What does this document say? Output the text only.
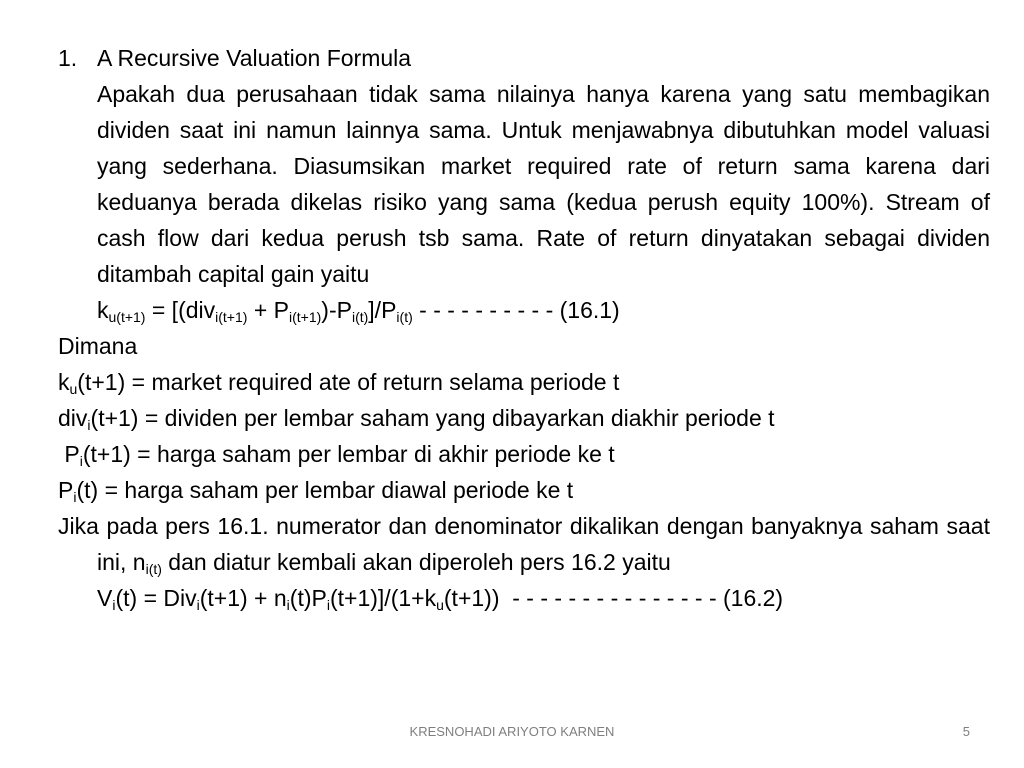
1. A Recursive Valuation Formula
Apakah dua perusahaan tidak sama nilainya hanya karena yang satu membagikan dividen saat ini namun lainnya sama. Untuk menjawabnya dibutuhkan model valuasi yang sederhana. Diasumsikan market required rate of return sama karena dari keduanya berada dikelas risiko yang sama (kedua perush equity 100%). Stream of cash flow dari kedua perush tsb sama. Rate of return dinyatakan sebagai dividen ditambah capital gain yaitu
$k_{u(t+1)} = [(div_{i(t+1)} + P_{i(t+1)})-P_{i(t)}]/P_{i(t)}$ - - - - - - - - - - (16.1)
Dimana
$k_u(t+1)$ = market required ate of return selama periode t
div$_i$(t+1) = dividen per lembar saham yang dibayarkan diakhir periode t
$P_i(t+1)$ = harga saham per lembar di akhir periode ke t
$P_i(t)$ = harga saham per lembar diawal periode ke t
Jika pada pers 16.1. numerator dan denominator dikalikan dengan banyaknya saham saat ini, $n_{i(t)}$ dan diatur kembali akan diperoleh pers 16.2 yaitu
$V_i(t) = Div_i(t+1) + n_i(t)P_i(t+1)]/(1+k_u(t+1))$  - - - - - - - - - - - - - - - (16.2)
KRESNOHADI ARIYOTO KARNEN	5
